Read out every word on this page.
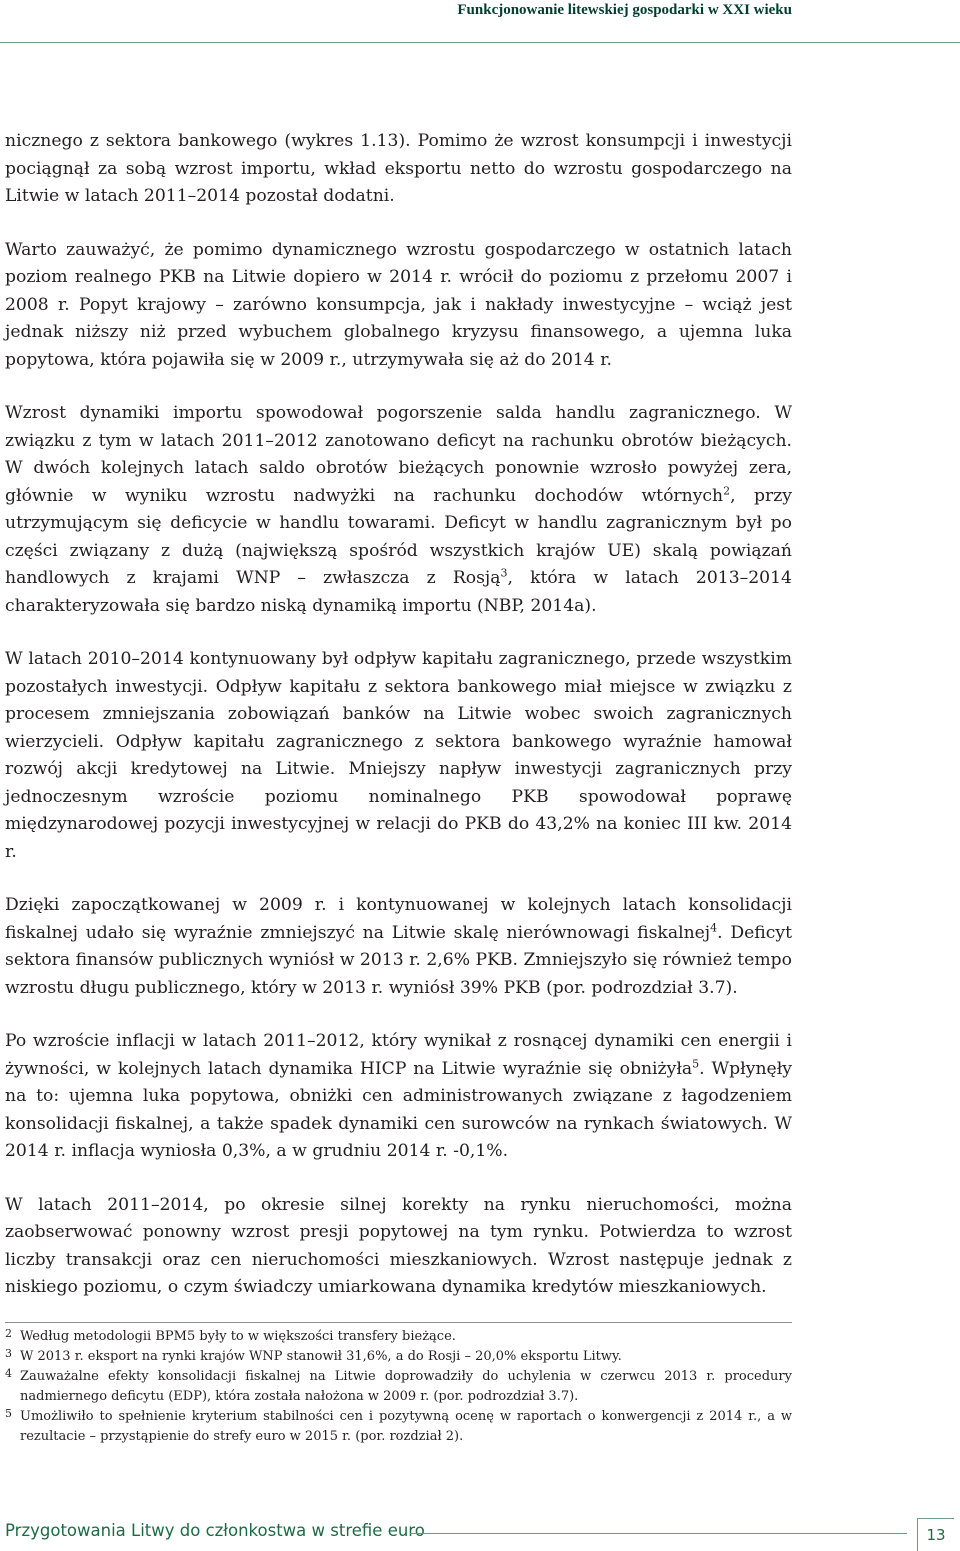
Funkcjonowanie litewskiej gospodarki w XXI wieku

nicznego z sektora bankowego (wykres 1.13). Pomimo że wzrost konsumpcji i inwestycji pociągnął za sobą wzrost importu, wkład eksportu netto do wzrostu gospodarczego na Litwie w latach 2011–2014 pozostał dodatni.

Warto zauważyć, że pomimo dynamicznego wzrostu gospodarczego w ostatnich latach poziom realnego PKB na Litwie dopiero w 2014 r. wrócił do poziomu z przełomu 2007 i 2008 r. Popyt krajowy – zarówno konsumpcja, jak i nakłady inwestycyjne – wciąż jest jednak niższy niż przed wybuchem globalnego kryzysu finansowego, a ujemna luka popytowa, która pojawiła się w 2009 r., utrzymywała się aż do 2014 r.

Wzrost dynamiki importu spowodował pogorszenie salda handlu zagranicznego. W związku z tym w latach 2011–2012 zanotowano deficyt na rachunku obrotów bieżących. W dwóch kolejnych latach saldo obrotów bieżących ponownie wzrosło powyżej zera, głównie w wyniku wzrostu nadwyżki na rachunku dochodów wtórnych$^2$, przy utrzymującym się deficycie w handlu towarami. Deficyt w handlu zagranicznym był po części związany z dużą (największą spośród wszystkich krajów UE) skalą powiązań handlowych z krajami WNP – zwłaszcza z Rosją$^3$, która w latach 2013–2014 charakteryzowała się bardzo niską dynamiką importu (NBP, 2014a).

W latach 2010–2014 kontynuowany był odpływ kapitału zagranicznego, przede wszystkim pozostałych inwestycji. Odpływ kapitału z sektora bankowego miał miejsce w związku z procesem zmniejszania zobowiązań banków na Litwie wobec swoich zagranicznych wierzycieli. Odpływ kapitału zagranicznego z sektora bankowego wyraźnie hamował rozwój akcji kredytowej na Litwie. Mniejszy napływ inwestycji zagranicznych przy jednoczesnym wzroście poziomu nominalnego PKB spowodował poprawę międzynarodowej pozycji inwestycyjnej w relacji do PKB do 43,2% na koniec III kw. 2014 r.

Dzięki zapoczątkowanej w 2009 r. i kontynuowanej w kolejnych latach konsolidacji fiskalnej udało się wyraźnie zmniejszyć na Litwie skalę nierównowagi fiskalnej$^4$. Deficyt sektora finansów publicznych wyniósł w 2013 r. 2,6% PKB. Zmniejszyło się również tempo wzrostu długu publicznego, który w 2013 r. wyniósł 39% PKB (por. podrozdział 3.7).

Po wzroście inflacji w latach 2011–2012, który wynikał z rosnącej dynamiki cen energii i żywności, w kolejnych latach dynamika HICP na Litwie wyraźnie się obniżyła$^5$. Wpłynęły na to: ujemna luka popytowa, obniżki cen administrowanych związane z łagodzeniem konsolidacji fiskalnej, a także spadek dynamiki cen surowców na rynkach światowych. W 2014 r. inflacja wyniosła 0,3%, a w grudniu 2014 r. -0,1%.

W latach 2011–2014, po okresie silnej korekty na rynku nieruchomości, można zaobserwować ponowny wzrost presji popytowej na tym rynku. Potwierdza to wzrost liczby transakcji oraz cen nieruchomości mieszkaniowych. Wzrost następuje jednak z niskiego poziomu, o czym świadczy umiarkowana dynamika kredytów mieszkaniowych.

2 Według metodologii BPM5 były to w większości transfery bieżące.
3 W 2013 r. eksport na rynki krajów WNP stanowił 31,6%, a do Rosji – 20,0% eksportu Litwy.
4 Zauważalne efekty konsolidacji fiskalnej na Litwie doprowadziły do uchylenia w czerwcu 2013 r. procedury nadmiernego deficytu (EDP), która została nałożona w 2009 r. (por. podrozdział 3.7).
5 Umożliwiło to spełnienie kryterium stabilności cen i pozytywną ocenę w raportach o konwergencji z 2014 r., a w rezultacie – przystąpienie do strefy euro w 2015 r. (por. rozdział 2).
Przygotowania Litwy do członkostwa w strefie euro	13
